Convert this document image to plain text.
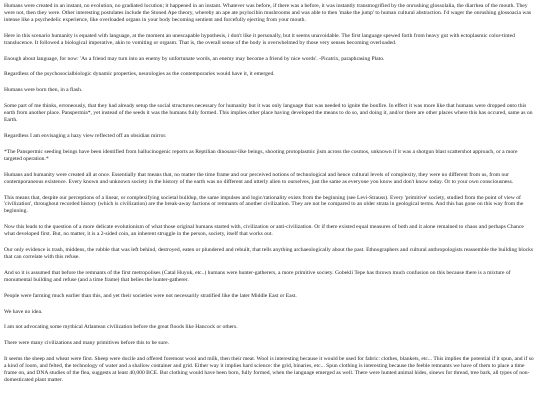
Humans were created in an instant, no evolution, no gradiated locution; it happened in an instant. Whatever was before, if there was a before, it was instantly transmogrified by the onrushing glossolalia, the diarrhea of the mouth. They were not, then they were. Other interesting postulates include the Stoned Ape theory, whereby an ape ate psylocibin mushrooms and was able to then 'make the jump' to human cultural abstraction. I'd wager the onrushing glossoacia was intense like a psychedelic experience, like overloaded organs in your body becoming sentient and forcefully ejecting from your mouth.

Here in this scenario humanity is equated with language, at the moment an unescapable hypothesis, i don't like it personally, but it seems unavoidable. The first language spewed forth from heavy gut with ectoplasmic color-tinted translucence. It followed a biological imperative, akin to vomiting or orgasm. That is, the overall sense of the body is overwhelmed by those very senses becoming overloaded.

Enough about language, for now: 'As a friend may turn into an enemy by unfortunate words, an enemy may become a friend by nice words'. -Picatrix, paraphrasing Plato.

Regardless of the psychosocialbiologic dynamic properties, neurologies as the contemporaries would have it, it emerged.

Humans were born then, in a flash.

Some part of me thinks, erroneously, that they had already setup the social structures necessary for humanity but it was only language that was needed to ignite the bonfire. In effect it was more like that humans were dropped onto this earth from another place. Panspermia*, yet instead of the seeds it was the humans fully formed. This implies other place having developed the means to do so, and doing it, and/or there are other places where this has occured, same as on Earth.

Regardless I am envisaging a hazy view reflected off an obsidian mirror.

*The Panspermic seeding beings have been identified from hallucinogenic reports as Reptilian dinosaur-like beings, shooting protoplasmic jism across the cosmos, unknown if it was a shotgun blast scattershot approach, or a more targeted operation.*

Humans and humanity were created all at once. Essentially that means that, no matter the time frame and our perceived notions of technological and hence cultural levels of complexity, they were no different from us, from our contemporaneous existence. Every known and unknown society in the history of the earth was no different and utterly alien to ourselves, just the same as everyone you know and don't know today. Or to your own consciousness.

This means that, despite our perceptions of a linear, or complexifying societal buildup, the same impulses and logic/rationality exists from the beginning (see Levi-Strauss). Every 'primitive' society, studied from the point of view of 'civilization', throughout recorded history (which is civilization) are the break-away factions or remnants of another civilization. They are not be compared to an older strata in geological terms. And this has gone on this way from the beginning.

Now this leads to the question of a more delicate evolutionism of what those original humans started with, civilization or anti-civilization. Or if there existed equal measures of both and it alone remained to chaos and perhaps Chance what developed first. But, no matter, it is a 2-sided coin, an inherent struggle in the person, society, itself that works out.

Our only evidence is trash, middens, the rubble that was left behind, destroyed, eaten or plundered and rebuilt, that tells anything archaeologically about the past. Ethnographers and cultural anthropologists reassemble the building blocks that can correlate with this refuse.

And so it is assumed that before the remnants of the first metropolises (Catal Huyuk, etc..) humans were hunter-gatherers, a more primitive society. Gobekli Tepe has thrown much confusion on this because there is a mixture of monumental building and refuse (and a time frame) that belies the hunter-gatherer.

People were farming much earlier than this, and yet their societies were not necessarily stratified like the later Middle East or East.

We have no idea.

I am not advocating some mythical Atlantean civilization before the great floods like Hancock or others.

There were many civilizations and many primitives before this to be sure.

It seems the sheep and wheat were first. Sheep were docile and offered foremost wool and milk, then their meat. Wool is interesting because it would be used for fabric: clothes, blankets, etc... This implies the potential if it spun, and if so a kind of loom, and felted, the technology of water and a shallow container and grid. Either way it implies hard science: the grid, binaries, etc... Spun clothing is interesting because the feeble remnants we have of them to place a time frame on, and DNA studies of the flea, suggests at least 40,000 BCE. But clothing would have been born, fully formed, when the language emerged as well. There were hunted animal hides, sinews for thread, tree bark, all types of non-domesticated plant matter.
